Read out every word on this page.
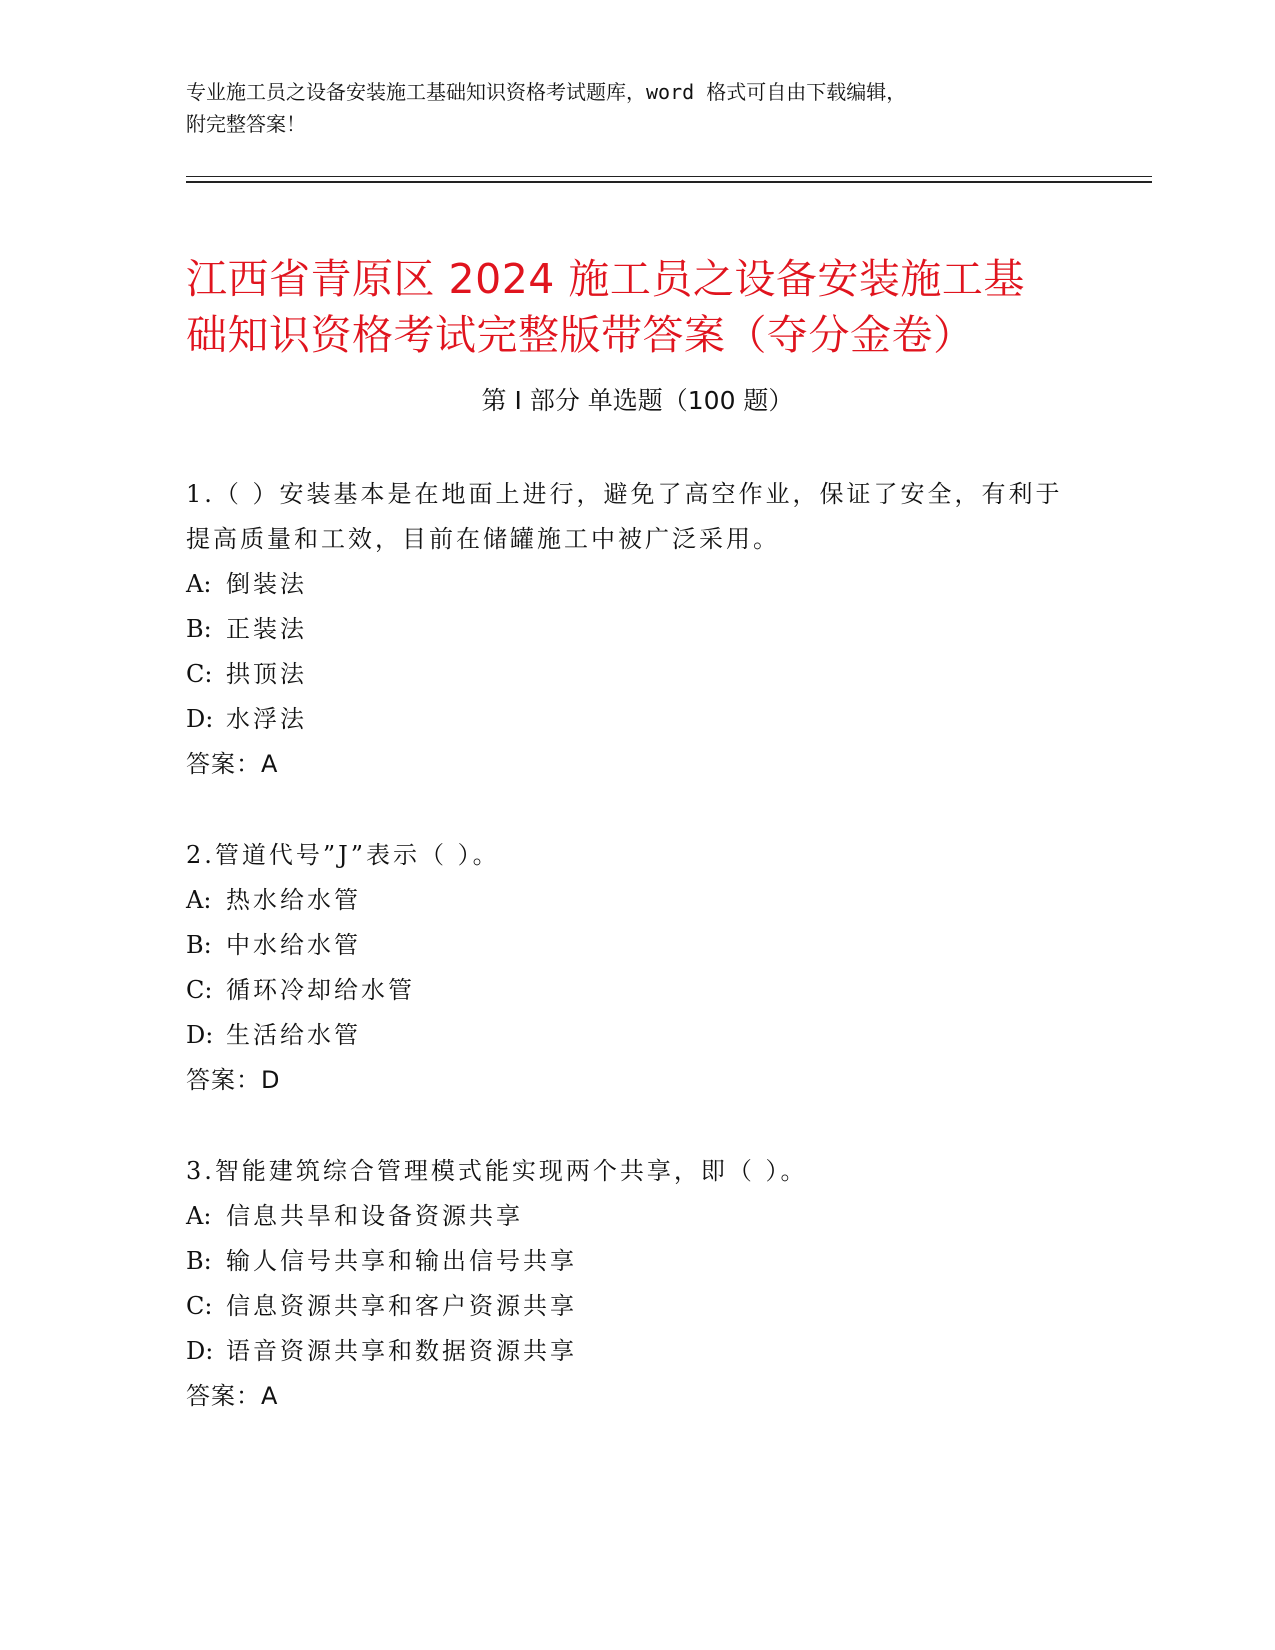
专业施工员之设备安装施工基础知识资格考试题库，word 格式可自由下载编辑，
附完整答案！
江西省青原区 2024 施工员之设备安装施工基
础知识资格考试完整版带答案（夺分金卷）
第 I 部分 单选题（100 题）

1.（ ）安装基本是在地面上进行，避免了高空作业，保证了安全，有利于提高质量和工效，目前在储罐施工中被广泛采用。

A: 倒装法

B: 正装法

C: 拱顶法

D: 水浮法

答案：A

2.管道代号”J”表示（ ）。

A: 热水给水管

B: 中水给水管

C: 循环冷却给水管

D: 生活给水管

答案：D

3.智能建筑综合管理模式能实现两个共享，即（ ）。

A: 信息共旱和设备资源共享

B: 输人信号共享和输出信号共享

C: 信息资源共享和客户资源共享

D: 语音资源共享和数据资源共享

答案：A
